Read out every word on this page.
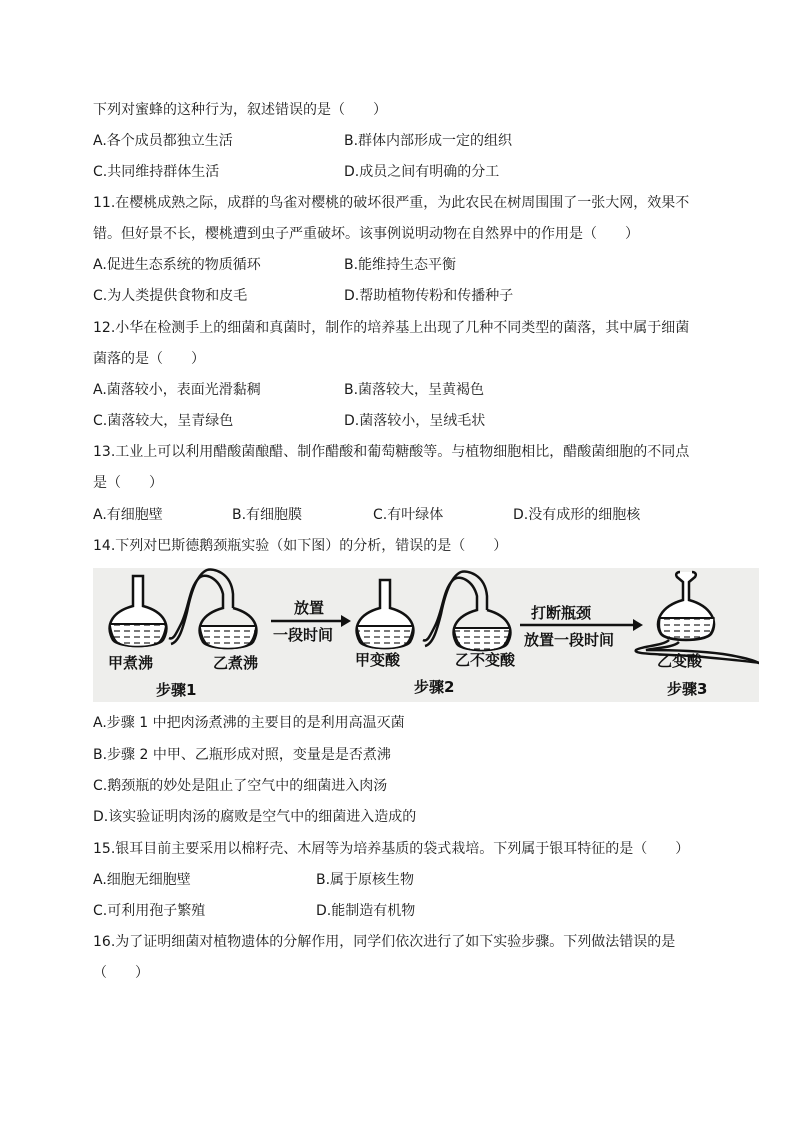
下列对蜜蜂的这种行为，叙述错误的是（　　）
A.各个成员都独立生活	B.群体内部形成一定的组织
C.共同维持群体生活	D.成员之间有明确的分工
11.在樱桃成熟之际，成群的鸟雀对樱桃的破坏很严重，为此农民在树周围围了一张大网，效果不
错。但好景不长，樱桃遭到虫子严重破坏。该事例说明动物在自然界中的作用是（　　）
A.促进生态系统的物质循环	B.能维持生态平衡
C.为人类提供食物和皮毛	D.帮助植物传粉和传播种子
12.小华在检测手上的细菌和真菌时，制作的培养基上出现了几种不同类型的菌落，其中属于细菌
菌落的是（　　）
A.菌落较小，表面光滑黏稠	B.菌落较大，呈黄褐色
C.菌落较大，呈青绿色	D.菌落较小，呈绒毛状
13.工业上可以利用醋酸菌酿醋、制作醋酸和葡萄糖酸等。与植物细胞相比，醋酸菌细胞的不同点
是（　　）
A.有细胞壁	B.有细胞膜	C.有叶绿体	D.没有成形的细胞核
14.下列对巴斯德鹅颈瓶实验（如下图）的分析，错误的是（　　）
甲煮沸	乙煮沸
步骤1
放置
一段时间
甲变酸	乙不变酸
步骤2
打断瓶颈
放置一段时间
乙变酸
步骤3
A.步骤 1 中把肉汤煮沸的主要目的是利用高温灭菌
B.步骤 2 中甲、乙瓶形成对照，变量是是否煮沸
C.鹅颈瓶的妙处是阻止了空气中的细菌进入肉汤
D.该实验证明肉汤的腐败是空气中的细菌进入造成的
15.银耳目前主要采用以棉籽壳、木屑等为培养基质的袋式栽培。下列属于银耳特征的是（　　）
A.细胞无细胞壁	B.属于原核生物
C.可利用孢子繁殖	D.能制造有机物
16.为了证明细菌对植物遗体的分解作用，同学们依次进行了如下实验步骤。下列做法错误的是
（　　）
